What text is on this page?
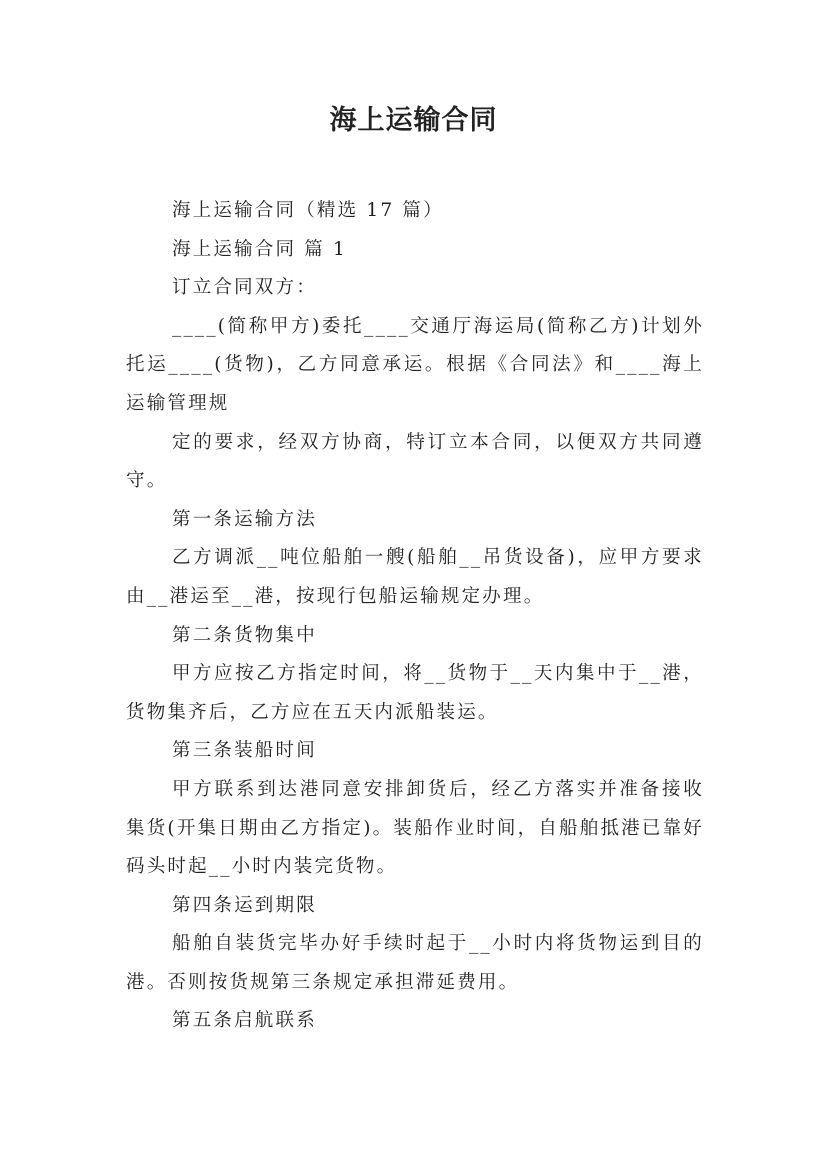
海上运输合同

海上运输合同（精选 17 篇）

海上运输合同 篇 1

订立合同双方：

____(简称甲方)委托____交通厅海运局(简称乙方)计划外托运____(货物)，乙方同意承运。根据《合同法》和____海上运输管理规

定的要求，经双方协商，特订立本合同，以便双方共同遵守。

第一条运输方法

乙方调派__吨位船舶一艘(船舶__吊货设备)，应甲方要求由__港运至__港，按现行包船运输规定办理。

第二条货物集中

甲方应按乙方指定时间，将__货物于__天内集中于__港，货物集齐后，乙方应在五天内派船装运。

第三条装船时间

甲方联系到达港同意安排卸货后，经乙方落实并准备接收集货(开集日期由乙方指定)。装船作业时间，自船舶抵港已靠好码头时起__小时内装完货物。

第四条运到期限

船舶自装货完毕办好手续时起于__小时内将货物运到目的港。否则按货规第三条规定承担滞延费用。

第五条启航联系
